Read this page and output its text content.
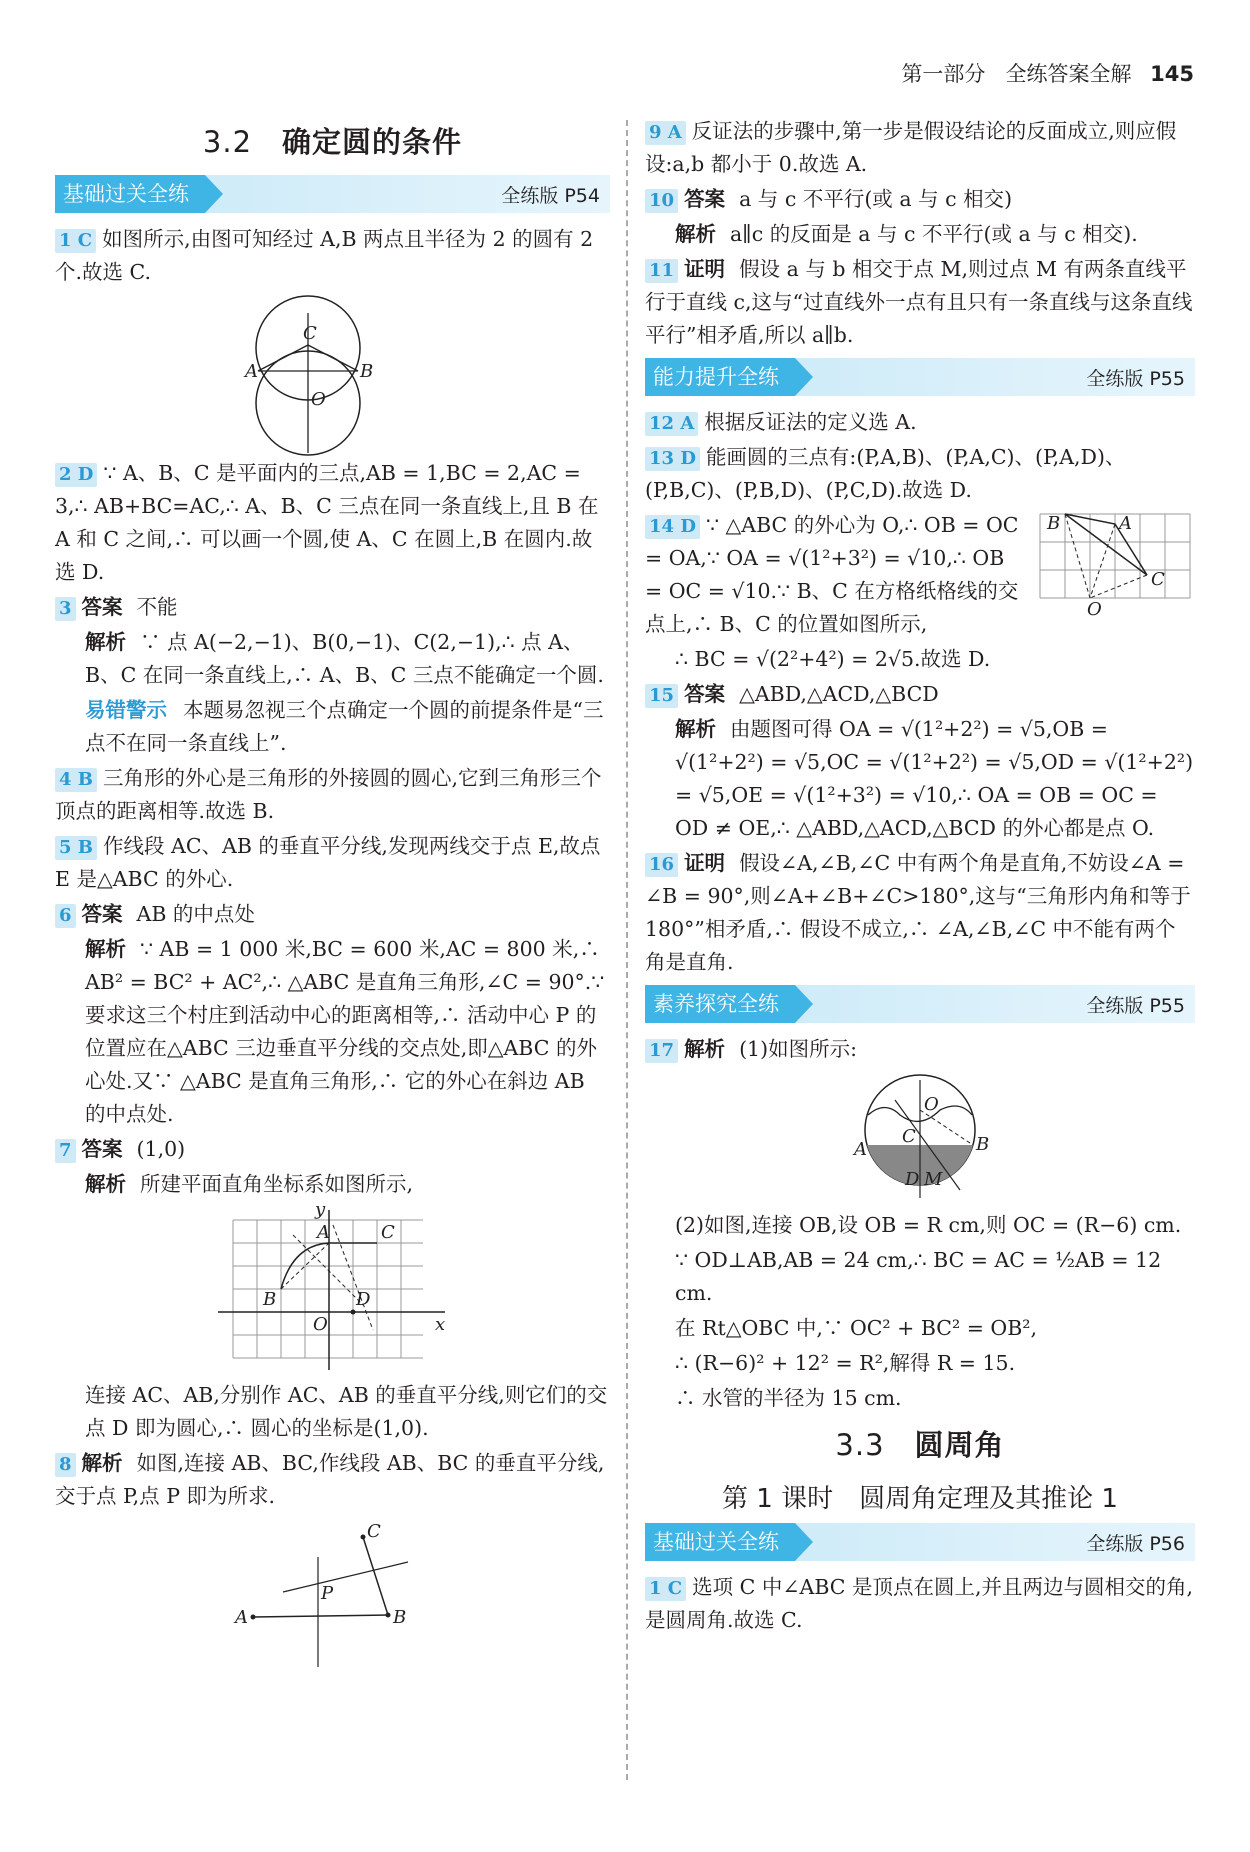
第一部分 全练答案全解 145
3.2 确定圆的条件
基础过关全练	全练版 P54
1 C 如图所示,由图可知经过 A,B 两点且半径为 2 的圆有 2 个.故选 C.
C
A	B
O
2 D ∵ A、B、C 是平面内的三点,AB = 1,BC = 2,AC = 3,∴ AB+BC=AC,∴ A、B、C 三点在同一条直线上,且 B 在 A 和 C 之间,∴ 可以画一个圆,使 A、C 在圆上,B 在圆内.故选 D.
3 答案 不能
解析 ∵ 点 A(−2,−1)、B(0,−1)、C(2,−1),∴ 点 A、B、C 在同一条直线上,∴ A、B、C 三点不能确定一个圆.
易错警示 本题易忽视三个点确定一个圆的前提条件是“三点不在同一条直线上”.
4 B 三角形的外心是三角形的外接圆的圆心,它到三角形三个顶点的距离相等.故选 B.
5 B 作线段 AC、AB 的垂直平分线,发现两线交于点 E,故点 E 是△ABC 的外心.
6 答案 AB 的中点处
解析 ∵ AB = 1 000 米,BC = 600 米,AC = 800 米,∴ AB² = BC² + AC²,∴ △ABC 是直角三角形,∠C = 90°.∵ 要求这三个村庄到活动中心的距离相等,∴ 活动中心 P 的位置应在△ABC 三边垂直平分线的交点处,即△ABC 的外心处.又∵ △ABC 是直角三角形,∴ 它的外心在斜边 AB 的中点处.
7 答案 (1,0)
解析 所建平面直角坐标系如图所示,
y
x
A	C
B
O
D
连接 AC、AB,分别作 AC、AB 的垂直平分线,则它们的交点 D 即为圆心,∴ 圆心的坐标是(1,0).
8 解析 如图,连接 AB、BC,作线段 AB、BC 的垂直平分线,交于点 P,点 P 即为所求.
A	B
C
P
9 A 反证法的步骤中,第一步是假设结论的反面成立,则应假设:a,b 都小于 0.故选 A.
10 答案 a 与 c 不平行(或 a 与 c 相交)
解析 a∥c 的反面是 a 与 c 不平行(或 a 与 c 相交).
11 证明 假设 a 与 b 相交于点 M,则过点 M 有两条直线平行于直线 c,这与“过直线外一点有且只有一条直线与这条直线平行”相矛盾,所以 a∥b.
能力提升全练	全练版 P55
12 A 根据反证法的定义选 A.
13 D 能画圆的三点有:(P,A,B)、(P,A,C)、(P,A,D)、(P,B,C)、(P,B,D)、(P,C,D).故选 D.
14 D ∵ △ABC 的外心为 O,∴ OB = OC = OA,∵ OA = √(1²+3²) = √10,∴ OB = OC = √10.∵ B、C 在方格纸格线的交点上,∴ B、C 的位置如图所示,
B	A
C
O
∴ BC = √(2²+4²) = 2√5.故选 D.
15 答案 △ABD,△ACD,△BCD
解析 由题图可得 OA = √(1²+2²) = √5,OB = √(1²+2²) = √5,OC = √(1²+2²) = √5,OD = √(1²+2²) = √5,OE = √(1²+3²) = √10,∴ OA = OB = OC = OD ≠ OE,∴ △ABD,△ACD,△BCD 的外心都是点 O.
16 证明 假设∠A,∠B,∠C 中有两个角是直角,不妨设∠A = ∠B = 90°,则∠A+∠B+∠C>180°,这与“三角形内角和等于 180°”相矛盾,∴ 假设不成立,∴ ∠A,∠B,∠C 中不能有两个角是直角.
素养探究全练	全练版 P55
17 解析 (1)如图所示:
O
C
A	B
D M
(2)如图,连接 OB,设 OB = R cm,则 OC = (R−6) cm.
∵ OD⊥AB,AB = 24 cm,∴ BC = AC = ½AB = 12 cm.
在 Rt△OBC 中,∵ OC² + BC² = OB²,
∴ (R−6)² + 12² = R²,解得 R = 15.
∴ 水管的半径为 15 cm.
3.3 圆周角
第 1 课时　圆周角定理及其推论 1
基础过关全练	全练版 P56
1 C 选项 C 中∠ABC 是顶点在圆上,并且两边与圆相交的角,是圆周角.故选 C.
